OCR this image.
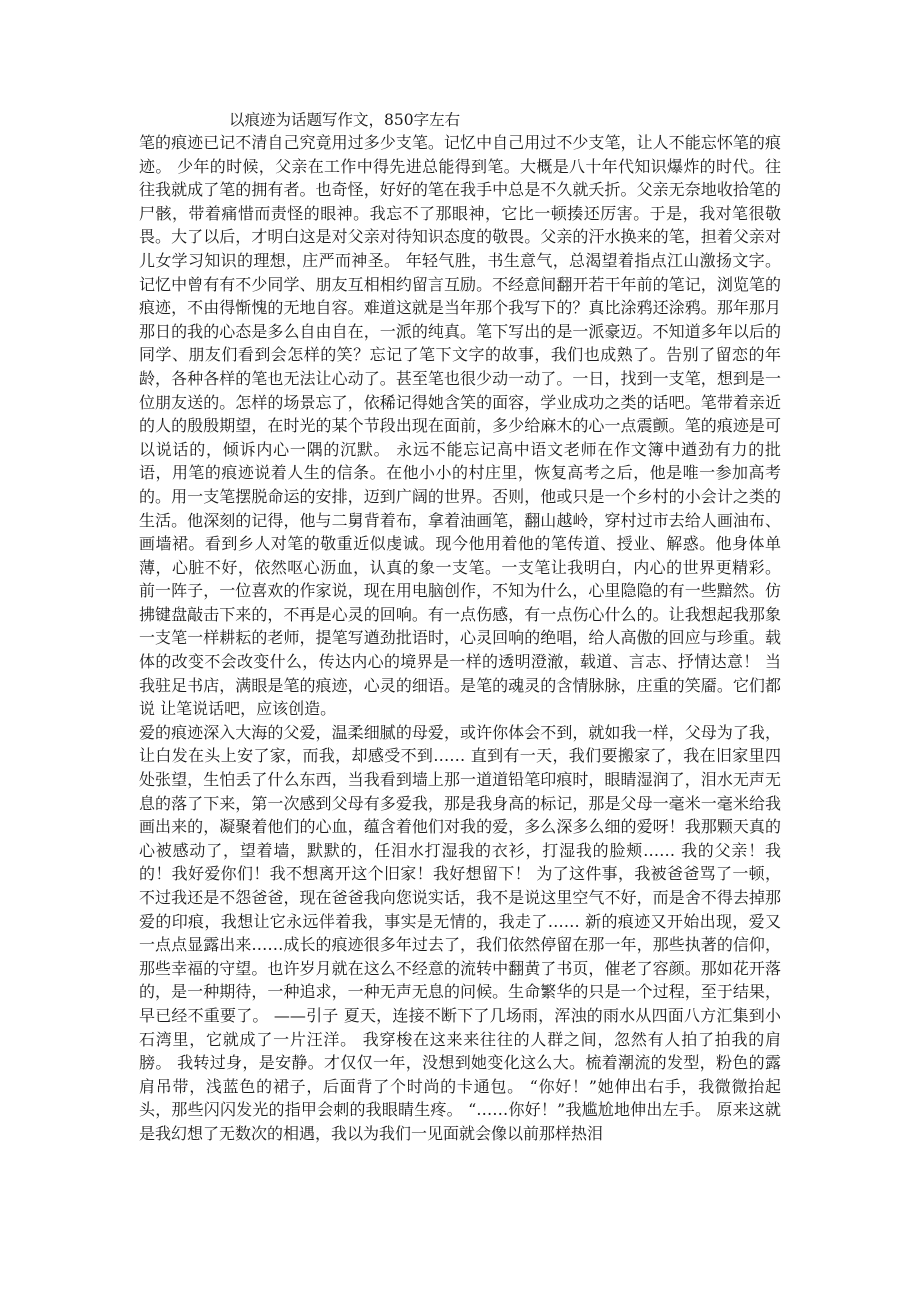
以痕迹为话题写作文，850字左右

笔的痕迹已记不清自己究竟用过多少支笔。记忆中自己用过不少支笔，让人不能忘怀笔的痕迹。 少年的时候，父亲在工作中得先进总能得到笔。大概是八十年代知识爆炸的时代。往往我就成了笔的拥有者。也奇怪，好好的笔在我手中总是不久就夭折。父亲无奈地收拾笔的尸骸，带着痛惜而责怪的眼神。我忘不了那眼神，它比一顿揍还厉害。于是，我对笔很敬畏。大了以后，才明白这是对父亲对待知识态度的敬畏。父亲的汗水换来的笔，担着父亲对儿女学习知识的理想，庄严而神圣。 年轻气胜，书生意气，总渴望着指点江山激扬文字。记忆中曾有有不少同学、朋友互相相约留言互励。不经意间翻开若干年前的笔记，浏览笔的痕迹，不由得惭愧的无地自容。难道这就是当年那个我写下的？真比涂鸦还涂鸦。那年那月那日的我的心态是多么自由自在，一派的纯真。笔下写出的是一派豪迈。不知道多年以后的同学、朋友们看到会怎样的笑？忘记了笔下文字的故事，我们也成熟了。告别了留恋的年龄，各种各样的笔也无法让心动了。甚至笔也很少动一动了。一日，找到一支笔，想到是一位朋友送的。怎样的场景忘了，依稀记得她含笑的面容，学业成功之类的话吧。笔带着亲近的人的殷殷期望，在时光的某个节段出现在面前，多少给麻木的心一点震颤。笔的痕迹是可以说话的，倾诉内心一隅的沉默。 永远不能忘记高中语文老师在作文簿中遒劲有力的批语，用笔的痕迹说着人生的信条。在他小小的村庄里，恢复高考之后，他是唯一参加高考的。用一支笔摆脱命运的安排，迈到广阔的世界。否则，他或只是一个乡村的小会计之类的生活。他深刻的记得，他与二舅背着布，拿着油画笔，翻山越岭，穿村过市去给人画油布、画墙裙。看到乡人对笔的敬重近似虔诚。现今他用着他的笔传道、授业、解惑。他身体单薄，心脏不好，依然呕心沥血，认真的象一支笔。一支笔让我明白，内心的世界更精彩。 前一阵子，一位喜欢的作家说，现在用电脑创作，不知为什么，心里隐隐的有一些黯然。仿拂键盘敲击下来的，不再是心灵的回响。有一点伤感，有一点伤心什么的。让我想起我那象一支笔一样耕耘的老师，提笔写遒劲批语时，心灵回响的绝唱，给人高傲的回应与珍重。载体的改变不会改变什么，传达内心的境界是一样的透明澄澈，载道、言志、抒情达意！ 当我驻足书店，满眼是笔的痕迹，心灵的细语。是笔的魂灵的含情脉脉，庄重的笑靥。它们都说 让笔说话吧，应该创造。

爱的痕迹深入大海的父爱，温柔细腻的母爱，或许你体会不到，就如我一样，父母为了我，让白发在头上安了家，而我，却感受不到…… 直到有一天，我们要搬家了，我在旧家里四处张望，生怕丢了什么东西，当我看到墙上那一道道铅笔印痕时，眼睛湿润了，泪水无声无息的落了下来，第一次感到父母有多爱我，那是我身高的标记，那是父母一毫米一毫米给我画出来的，凝聚着他们的心血，蕴含着他们对我的爱，多么深多么细的爱呀！我那颗天真的心被感动了，望着墙，默默的，任泪水打湿我的衣衫，打湿我的脸颊…… 我的父亲！我的！我好爱你们！我不想离开这个旧家！我好想留下！ 为了这件事，我被爸爸骂了一顿，不过我还是不怨爸爸，现在爸爸我向您说实话，我不是说这里空气不好，而是舍不得去掉那爱的印痕，我想让它永远伴着我，事实是无情的，我走了…… 新的痕迹又开始出现，爱又一点点显露出来……成长的痕迹很多年过去了，我们依然停留在那一年，那些执著的信仰，那些幸福的守望。也许岁月就在这么不经意的流转中翻黄了书页，催老了容颜。那如花开落的，是一种期待，一种追求，一种无声无息的问候。生命繁华的只是一个过程，至于结果，早已经不重要了。 ——引子 夏天，连接不断下了几场雨，浑浊的雨水从四面八方汇集到小石湾里，它就成了一片汪洋。 我穿梭在这来来往往的人群之间，忽然有人拍了拍我的肩膀。 我转过身，是安静。才仅仅一年，没想到她变化这么大。梳着潮流的发型，粉色的露肩吊带，浅蓝色的裙子，后面背了个时尚的卡通包。 “你好！”她伸出右手，我微微抬起头，那些闪闪发光的指甲会刺的我眼睛生疼。 “……你好！”我尴尬地伸出左手。 原来这就是我幻想了无数次的相遇，我以为我们一见面就会像以前那样热泪
